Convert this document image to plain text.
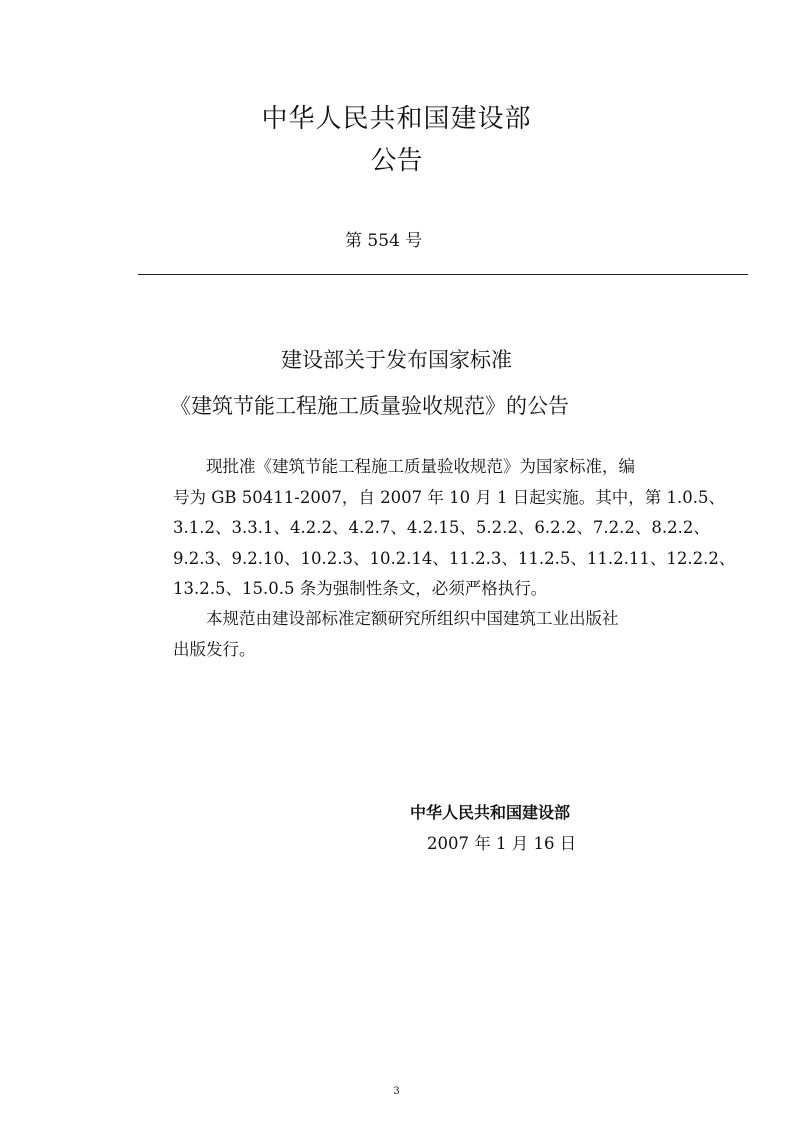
中华人民共和国建设部
公告
第 554 号
建设部关于发布国家标准
《建筑节能工程施工质量验收规范》的公告
现批准《建筑节能工程施工质量验收规范》为国家标准，编
号为 GB 50411-2007，自 2007 年 10 月 1 日起实施。其中，第 1.0.5、
3.1.2、3.3.1、4.2.2、4.2.7、4.2.15、5.2.2、6.2.2、7.2.2、8.2.2、
9.2.3、9.2.10、10.2.3、10.2.14、11.2.3、11.2.5、11.2.11、12.2.2、
13.2.5、15.0.5 条为强制性条文，必须严格执行。
本规范由建设部标准定额研究所组织中国建筑工业出版社
出版发行。
中华人民共和国建设部
2007 年 1 月 16 日
3
